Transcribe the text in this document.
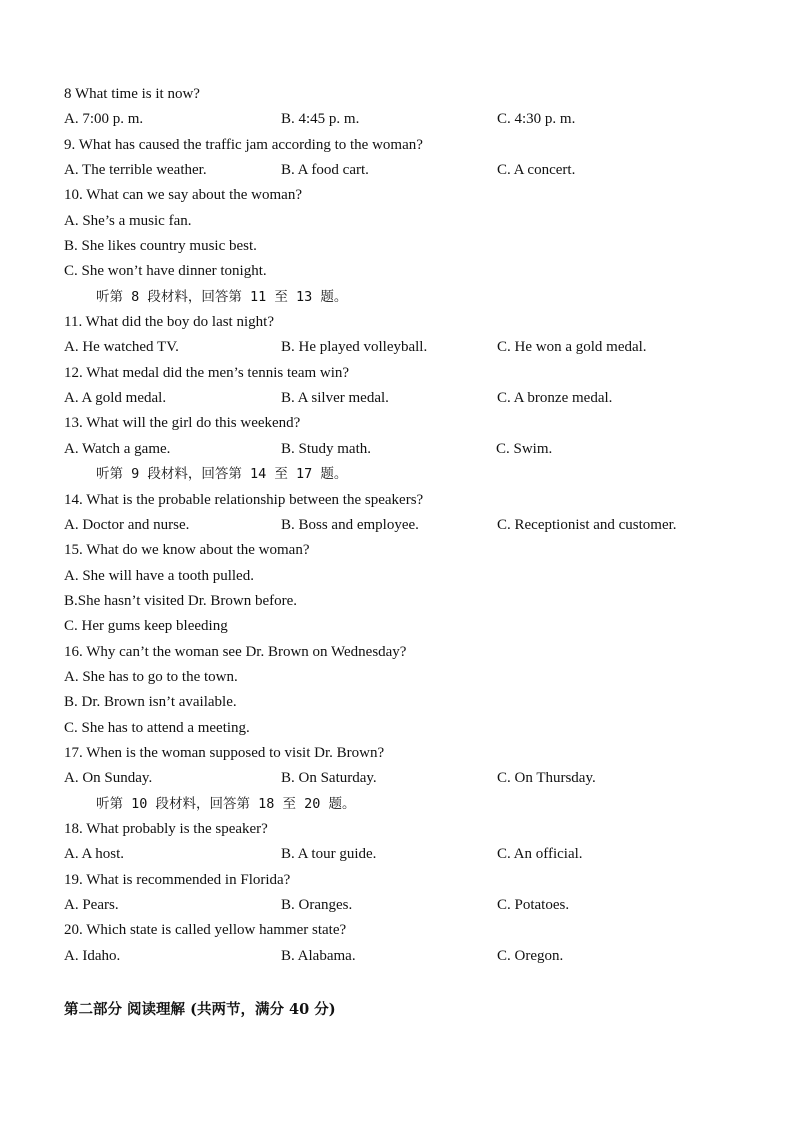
8 What time is it now?
A. 7:00 p. m.	B. 4:45 p. m.	C. 4:30 p. m.
9. What has caused the traffic jam according to the woman?
A. The terrible weather.	B. A food cart.	C. A concert.
10. What can we say about the woman?
A. She’s a music fan.
B. She likes country music best.
C. She won’t have dinner tonight.
听第 8 段材料，回答第 11 至 13 题。
11. What did the boy do last night?
A. He watched TV.	B. He played volleyball.	C. He won a gold medal.
12. What medal did the men’s tennis team win?
A. A gold medal.	B. A silver medal.	C. A bronze medal.
13. What will the girl do this weekend?
A. Watch a game.	B. Study math.	C. Swim.
听第 9 段材料，回答第 14 至 17 题。
14. What is the probable relationship between the speakers?
A. Doctor and nurse.	B. Boss and employee.	C. Receptionist and customer.
15. What do we know about the woman?
A. She will have a tooth pulled.
B.She hasn’t visited Dr. Brown before.
C. Her gums keep bleeding
16. Why can’t the woman see Dr. Brown on Wednesday?
A. She has to go to the town.
B. Dr. Brown isn’t available.
C. She has to attend a meeting.
17. When is the woman supposed to visit Dr. Brown?
A. On Sunday.	B. On Saturday.	C. On Thursday.
听第 10 段材料，回答第 18 至 20 题。
18. What probably is the speaker?
A. A host.	B. A tour guide.	C. An official.
19. What is recommended in Florida?
A. Pears.	B. Oranges.	C. Potatoes.
20. Which state is called yellow hammer state?
A. Idaho.	B. Alabama.	C. Oregon.
第二部分 阅读理解 (共两节，满分 40 分)
